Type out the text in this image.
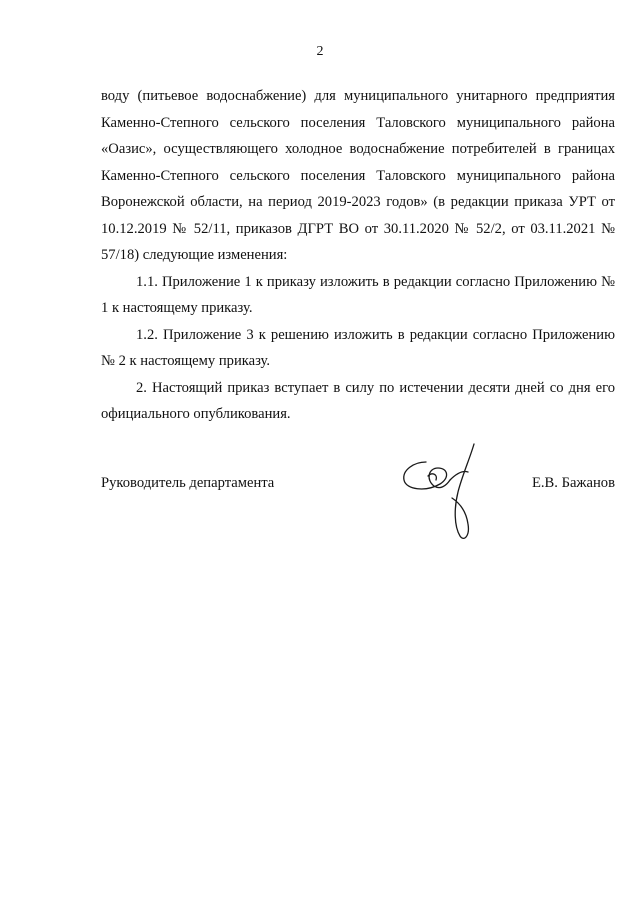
2

воду (питьевое водоснабжение) для муниципального унитарного предприятия Каменно-Степного сельского поселения Таловского муниципального района «Оазис», осуществляющего холодное водоснабжение потребителей в границах Каменно-Степного сельского поселения Таловского муниципального района Воронежской области, на период 2019-2023 годов» (в редакции приказа УРТ от 10.12.2019 № 52/11, приказов ДГРТ ВО от 30.11.2020 № 52/2, от 03.11.2021 № 57/18) следующие изменения:

1.1. Приложение 1 к приказу изложить в редакции согласно Приложению № 1 к настоящему приказу.

1.2. Приложение 3 к решению изложить в редакции согласно Приложению № 2 к настоящему приказу.

2. Настоящий приказ вступает в силу по истечении десяти дней со дня его официального опубликования.

Руководитель департамента	Е.В. Бажанов
